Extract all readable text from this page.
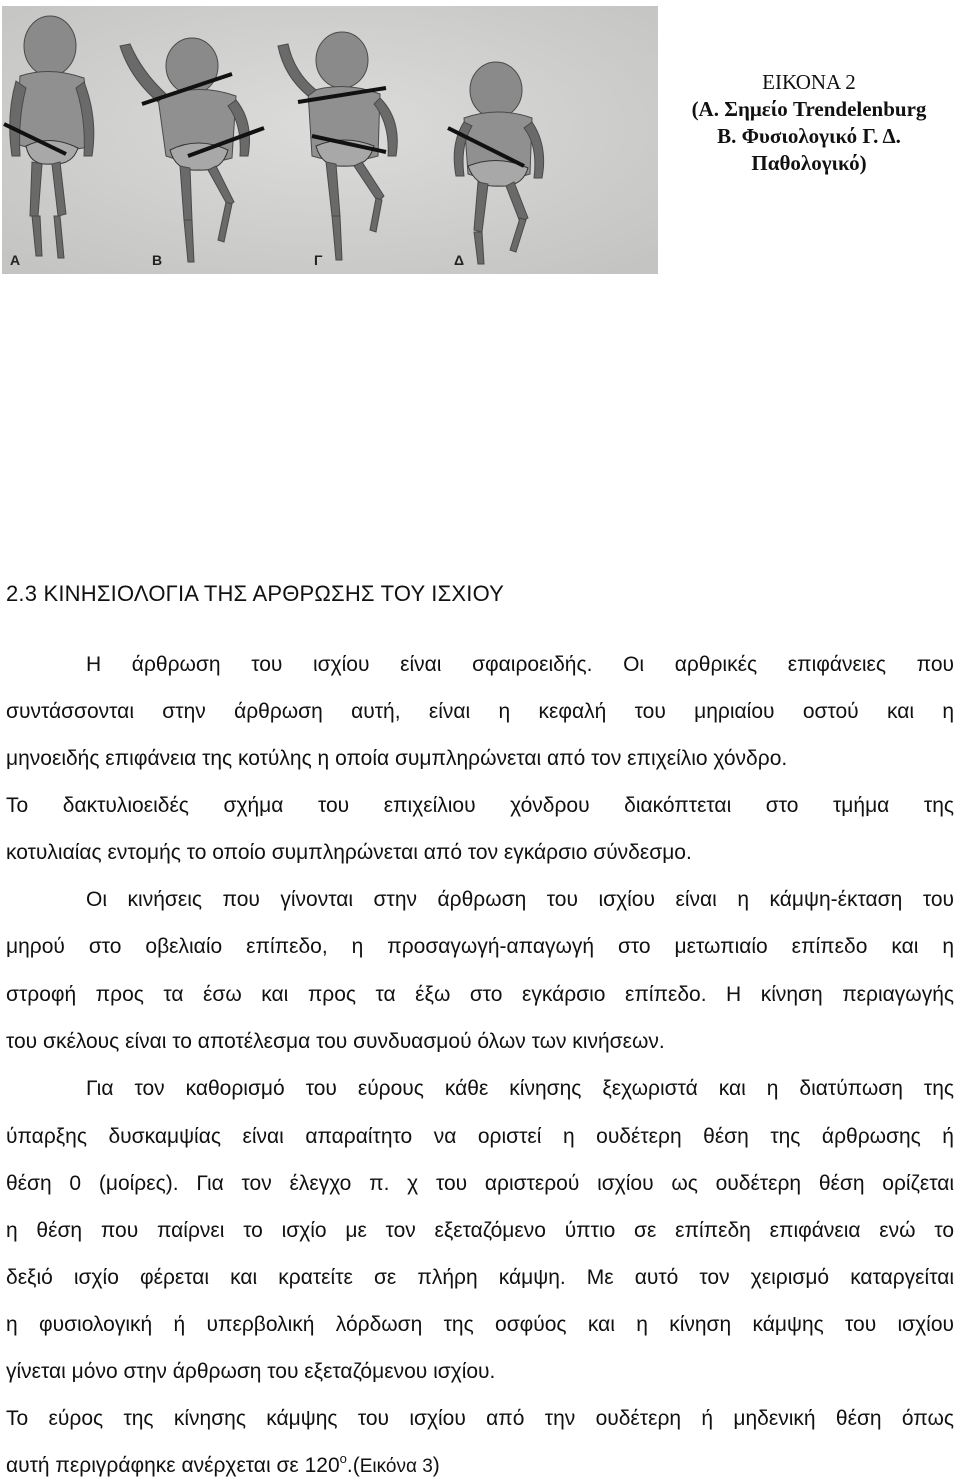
Α	Β	Γ	Δ
ΕΙΚΟΝΑ 2
(Α. Σημείο Trendelenburg
Β. Φυσιολογικό Γ. Δ.
Παθολογικό)
2.3 ΚΙΝΗΣΙΟΛΟΓΙΑ ΤΗΣ ΑΡΘΡΩΣΗΣ ΤΟΥ ΙΣΧΙΟΥ
Η άρθρωση του ισχίου είναι σφαιροειδής. Οι αρθρικές επιφάνειες που
συντάσσονται στην άρθρωση αυτή, είναι η κεφαλή του μηριαίου οστού και η
μηνοειδής επιφάνεια της κοτύλης η οποία συμπληρώνεται από τον επιχείλιο χόνδρο.
Το δακτυλιοειδές σχήμα του επιχείλιου χόνδρου διακόπτεται στο τμήμα της
κοτυλιαίας εντομής το οποίο συμπληρώνεται από τον εγκάρσιο σύνδεσμο.
Οι κινήσεις που γίνονται στην άρθρωση του ισχίου είναι η κάμψη-έκταση του
μηρού στο οβελιαίο επίπεδο, η προσαγωγή-απαγωγή στο μετωπιαίο επίπεδο και η
στροφή προς τα έσω και προς τα έξω στο εγκάρσιο επίπεδο. Η κίνηση περιαγωγής
του σκέλους είναι το αποτέλεσμα του συνδυασμού όλων των κινήσεων.
Για τον καθορισμό του εύρους κάθε κίνησης ξεχωριστά και η διατύπωση της
ύπαρξης δυσκαμψίας είναι απαραίτητο να οριστεί η ουδέτερη θέση της άρθρωσης ή
θέση 0 (μοίρες). Για τον έλεγχο π. χ του αριστερού ισχίου ως ουδέτερη θέση ορίζεται
η θέση που παίρνει το ισχίο με τον εξεταζόμενο ύπτιο σε επίπεδη επιφάνεια ενώ το
δεξιό ισχίο φέρεται και κρατείτε σε πλήρη κάμψη. Με αυτό τον χειρισμό καταργείται
η φυσιολογική ή υπερβολική λόρδωση της οσφύος και η κίνηση κάμψης του ισχίου
γίνεται μόνο στην άρθρωση του εξεταζόμενου ισχίου.
Το εύρος της κίνησης κάμψης του ισχίου από την ουδέτερη ή μηδενική θέση όπως
αυτή περιγράφηκε ανέρχεται σε $120^o.(E\iota\kappa ό\nu\alpha$ 3)
